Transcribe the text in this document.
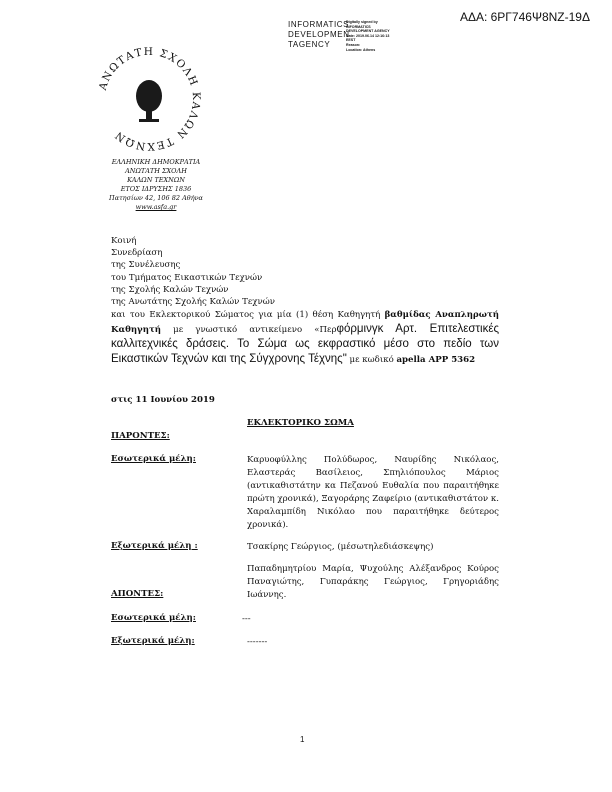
ΑΔΑ: 6ΡΓ746Ψ8ΝΖ-19Δ
INFORMATICS
DEVELOPMEN
TAGENCY
Digitally signed by
INFORMATICS
DEVELOPMENT AGENCY
Date: 2019.06.14 12:16:13
EEST
Reason:
Location: Athens
ΑΝΩΤΑΤΗ ΣΧΟΛΗ ΚΑΛΩΝ ΤΕΧΝΩΝ
ΕΛΛΗΝΙΚΗ ΔΗΜΟΚΡΑΤΙΑ
ΑΝΩΤΑΤΗ ΣΧΟΛΗ
ΚΑΛΩΝ ΤΕΧΝΩΝ
ΕΤΟΣ ΙΔΡΥΣΗΣ 1836
Πατησίων 42, 106 82 Αθήνα
www.asfa.gr
Κοινή
Συνεδρίαση
της Συνέλευσης
του Τμήματος Εικαστικών Τεχνών
της Σχολής Καλών Τεχνών
της Ανωτάτης Σχολής Καλών Τεχνών
και του Εκλεκτορικού Σώματος για μία (1) θέση Καθηγητή βαθμίδας Αναπληρωτή Καθηγητή με γνωστικό αντικείμενο «Περφόρμινγκ Αρτ. Επιτελεστικές καλλιτεχνικές δράσεις. Το Σώμα ως εκφραστικό μέσο στο πεδίο των Εικαστικών Τεχνών και της Σύγχρονης Τέχνης" με κωδικό apella APP 5362
στις 11 Ιουνίου 2019
ΕΚΛΕΚΤΟΡΙΚΟ ΣΩΜΑ
ΠΑΡΟΝΤΕΣ:
Εσωτερικά μέλη:	Καρυοφύλλης Πολύδωρος, Ναυρίδης Νικόλαος, Ελαστεράς Βασίλειος, Σπηλιόπουλος Μάριος (αντικαθιστάτην κα Πεζανού Ευθαλία που παραιτήθηκε πρώτη χρονικά), Ξαγοράρης Ζαφείριο (αντικαθιστάτον κ. Χαραλαμπίδη Νικόλαο που παραιτήθηκε δεύτερος χρονικά).
Εξωτερικά μέλη :	Τσακίρης Γεώργιος, (μέσωτηλεδιάσκεψης)
Παπαδημητρίου Μαρία, Ψυχούλης Αλέξανδρος Κούρος Παναγιώτης, Γυπαράκης Γεώργιος, Γρηγοριάδης Ιωάννης.
ΑΠΟΝΤΕΣ:
Εσωτερικά μέλη:	---
Εξωτερικά μέλη:	-------
1
